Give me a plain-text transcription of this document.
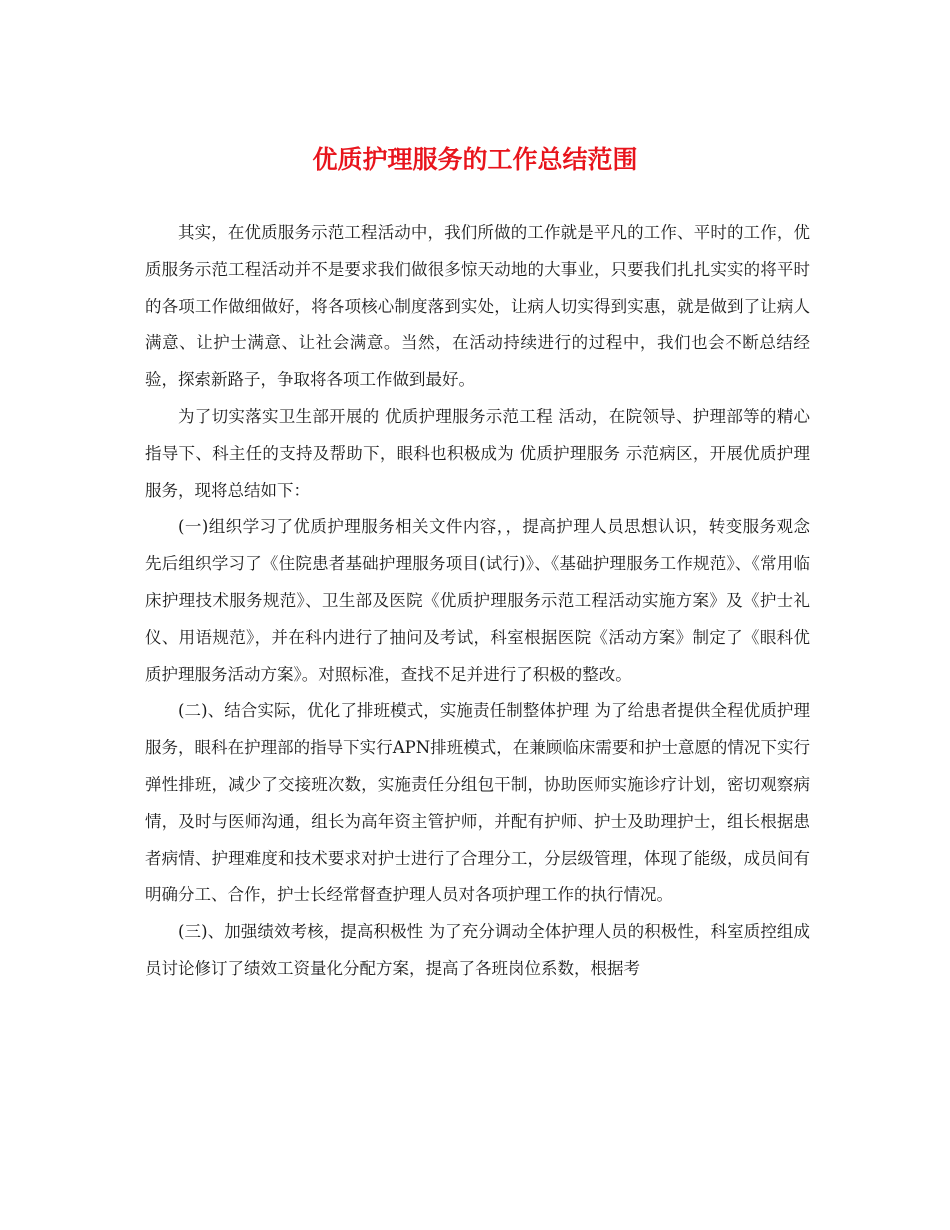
优质护理服务的工作总结范围

其实，在优质服务示范工程活动中，我们所做的工作就是平凡的工作、平时的工作，优质服务示范工程活动并不是要求我们做很多惊天动地的大事业，只要我们扎扎实实的将平时的各项工作做细做好，将各项核心制度落到实处，让病人切实得到实惠，就是做到了让病人满意、让护士满意、让社会满意。当然，在活动持续进行的过程中，我们也会不断总结经验，探索新路子，争取将各项工作做到最好。

为了切实落实卫生部开展的 优质护理服务示范工程 活动，在院领导、护理部等的精心指导下、科主任的支持及帮助下，眼科也积极成为 优质护理服务 示范病区，开展优质护理服务，现将总结如下：

(一)组织学习了优质护理服务相关文件内容，，提高护理人员思想认识，转变服务观念 先后组织学习了《住院患者基础护理服务项目(试行)》、《基础护理服务工作规范》、《常用临床护理技术服务规范》、卫生部及医院《优质护理服务示范工程活动实施方案》及《护士礼仪、用语规范》，并在科内进行了抽问及考试，科室根据医院《活动方案》制定了《眼科优质护理服务活动方案》。对照标准，查找不足并进行了积极的整改。

(二)、结合实际，优化了排班模式，实施责任制整体护理 为了给患者提供全程优质护理服务，眼科在护理部的指导下实行APN排班模式，在兼顾临床需要和护士意愿的情况下实行弹性排班，减少了交接班次数，实施责任分组包干制，协助医师实施诊疗计划，密切观察病情，及时与医师沟通，组长为高年资主管护师，并配有护师、护士及助理护士，组长根据患者病情、护理难度和技术要求对护士进行了合理分工，分层级管理，体现了能级，成员间有明确分工、合作，护士长经常督查护理人员对各项护理工作的执行情况。

(三)、加强绩效考核，提高积极性 为了充分调动全体护理人员的积极性，科室质控组成员讨论修订了绩效工资量化分配方案，提高了各班岗位系数，根据考
